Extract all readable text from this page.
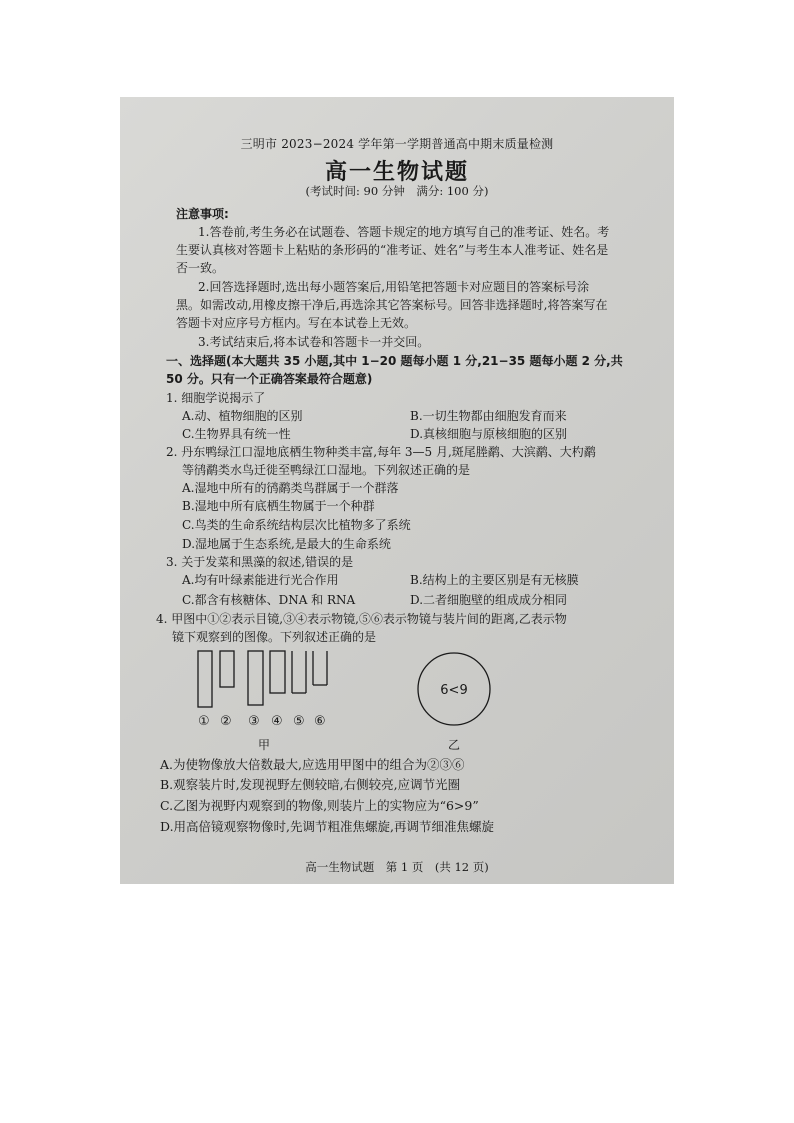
三明市 2023−2024 学年第一学期普通高中期末质量检测
高一生物试题
(考试时间: 90 分钟　满分: 100 分)
注意事项:
1.答卷前,考生务必在试题卷、答题卡规定的地方填写自己的准考证、姓名。考
生要认真核对答题卡上粘贴的条形码的“准考证、姓名”与考生本人准考证、姓名是
否一致。
2.回答选择题时,选出每小题答案后,用铅笔把答题卡对应题目的答案标号涂
黑。如需改动,用橡皮擦干净后,再选涂其它答案标号。回答非选择题时,将答案写在
答题卡对应序号方框内。写在本试卷上无效。
3.考试结束后,将本试卷和答题卡一并交回。
一、选择题(本大题共 35 小题,其中 1−20 题每小题 1 分,21−35 题每小题 2 分,共
50 分。只有一个正确答案最符合题意)
1. 细胞学说揭示了
A.动、植物细胞的区别	B.一切生物都由细胞发育而来
C.生物界具有统一性	D.真核细胞与原核细胞的区别
2. 丹东鸭绿江口湿地底栖生物种类丰富,每年 3—5 月,斑尾塍鹬、大滨鹬、大杓鹬
等鸻鹬类水鸟迁徙至鸭绿江口湿地。下列叙述正确的是
A.湿地中所有的鸻鹬类鸟群属于一个群落
B.湿地中所有底栖生物属于一个种群
C.鸟类的生命系统结构层次比植物多了系统
D.湿地属于生态系统,是最大的生命系统
3. 关于发菜和黑藻的叙述,错误的是
A.均有叶绿素能进行光合作用	B.结构上的主要区别是有无核膜
C.都含有核糖体、DNA 和 RNA	D.二者细胞壁的组成成分相同
4. 甲图中①②表示目镜,③④表示物镜,⑤⑥表示物镜与装片间的距离,乙表示物
镜下观察到的图像。下列叙述正确的是
① ② ③ ④ ⑤ ⑥
甲
6<9
乙
A.为使物像放大倍数最大,应选用甲图中的组合为②③⑥
B.观察装片时,发现视野左侧较暗,右侧较亮,应调节光圈
C.乙图为视野内观察到的物像,则装片上的实物应为“6>9”
D.用高倍镜观察物像时,先调节粗准焦螺旋,再调节细准焦螺旋
高一生物试题　第 1 页　(共 12 页)
